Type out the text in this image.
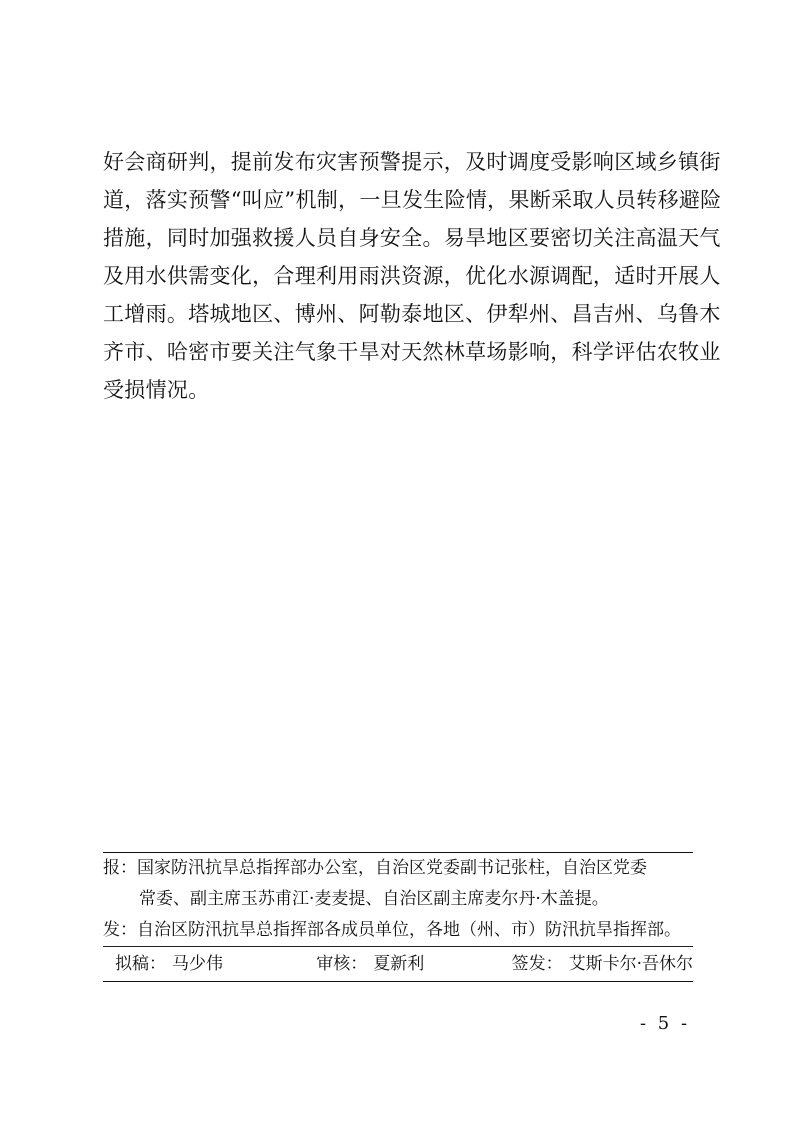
好会商研判，提前发布灾害预警提示，及时调度受影响区域乡镇街
道，落实预警“叫应”机制，一旦发生险情，果断采取人员转移避险
措施，同时加强救援人员自身安全。易旱地区要密切关注高温天气
及用水供需变化，合理利用雨洪资源，优化水源调配，适时开展人
工增雨。塔城地区、博州、阿勒泰地区、伊犁州、昌吉州、乌鲁木
齐市、哈密市要关注气象干旱对天然林草场影响，科学评估农牧业
受损情况。
报：国家防汛抗旱总指挥部办公室，自治区党委副书记张柱，自治区党委
常委、副主席玉苏甫江·麦麦提、自治区副主席麦尔丹·木盖提。
发：自治区防汛抗旱总指挥部各成员单位，各地（州、市）防汛抗旱指挥部。
拟稿： 马少伟	审核： 夏新利	签发： 艾斯卡尔·吾休尔
- 5 -
